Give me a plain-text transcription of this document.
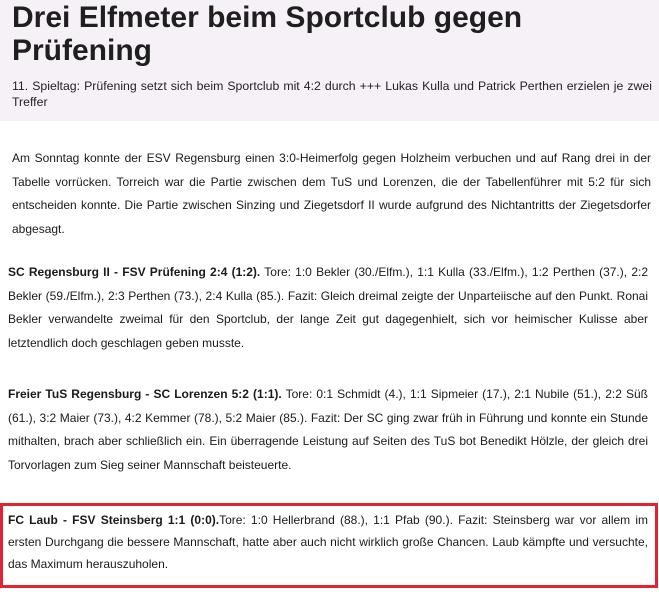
Drei Elfmeter beim Sportclub gegen Prüfening

11. Spieltag: Prüfening setzt sich beim Sportclub mit 4:2 durch +++ Lukas Kulla und Patrick Perthen erzielen je zwei Treffer

Am Sonntag konnte der ESV Regensburg einen 3:0-Heimerfolg gegen Holzheim verbuchen und auf Rang drei in der Tabelle vorrücken. Torreich war die Partie zwischen dem TuS und Lorenzen, die der Tabellenführer mit 5:2 für sich entscheiden konnte. Die Partie zwischen Sinzing und Ziegetsdorf II wurde aufgrund des Nichtantritts der Ziegetsdorfer abgesagt.

SC Regensburg II - FSV Prüfening 2:4 (1:2). Tore: 1:0 Bekler (30./Elfm.), 1:1 Kulla (33./Elfm.), 1:2 Perthen (37.), 2:2 Bekler (59./Elfm.), 2:3 Perthen (73.), 2:4 Kulla (85.). Fazit: Gleich dreimal zeigte der Unparteiische auf den Punkt. Ronai Bekler verwandelte zweimal für den Sportclub, der lange Zeit gut dagegenhielt, sich vor heimischer Kulisse aber letztendlich doch geschlagen geben musste.

Freier TuS Regensburg - SC Lorenzen 5:2 (1:1). Tore: 0:1 Schmidt (4.), 1:1 Sipmeier (17.), 2:1 Nubile (51.), 2:2 Süß (61.), 3:2 Maier (73.), 4:2 Kemmer (78.), 5:2 Maier (85.). Fazit: Der SC ging zwar früh in Führung und konnte ein Stunde mithalten, brach aber schließlich ein. Ein überragende Leistung auf Seiten des TuS bot Benedikt Hölzle, der gleich drei Torvorlagen zum Sieg seiner Mannschaft beisteuerte.

FC Laub - FSV Steinsberg 1:1 (0:0).Tore: 1:0 Hellerbrand (88.), 1:1 Pfab (90.). Fazit: Steinsberg war vor allem im ersten Durchgang die bessere Mannschaft, hatte aber auch nicht wirklich große Chancen. Laub kämpfte und versuchte, das Maximum herauszuholen.
